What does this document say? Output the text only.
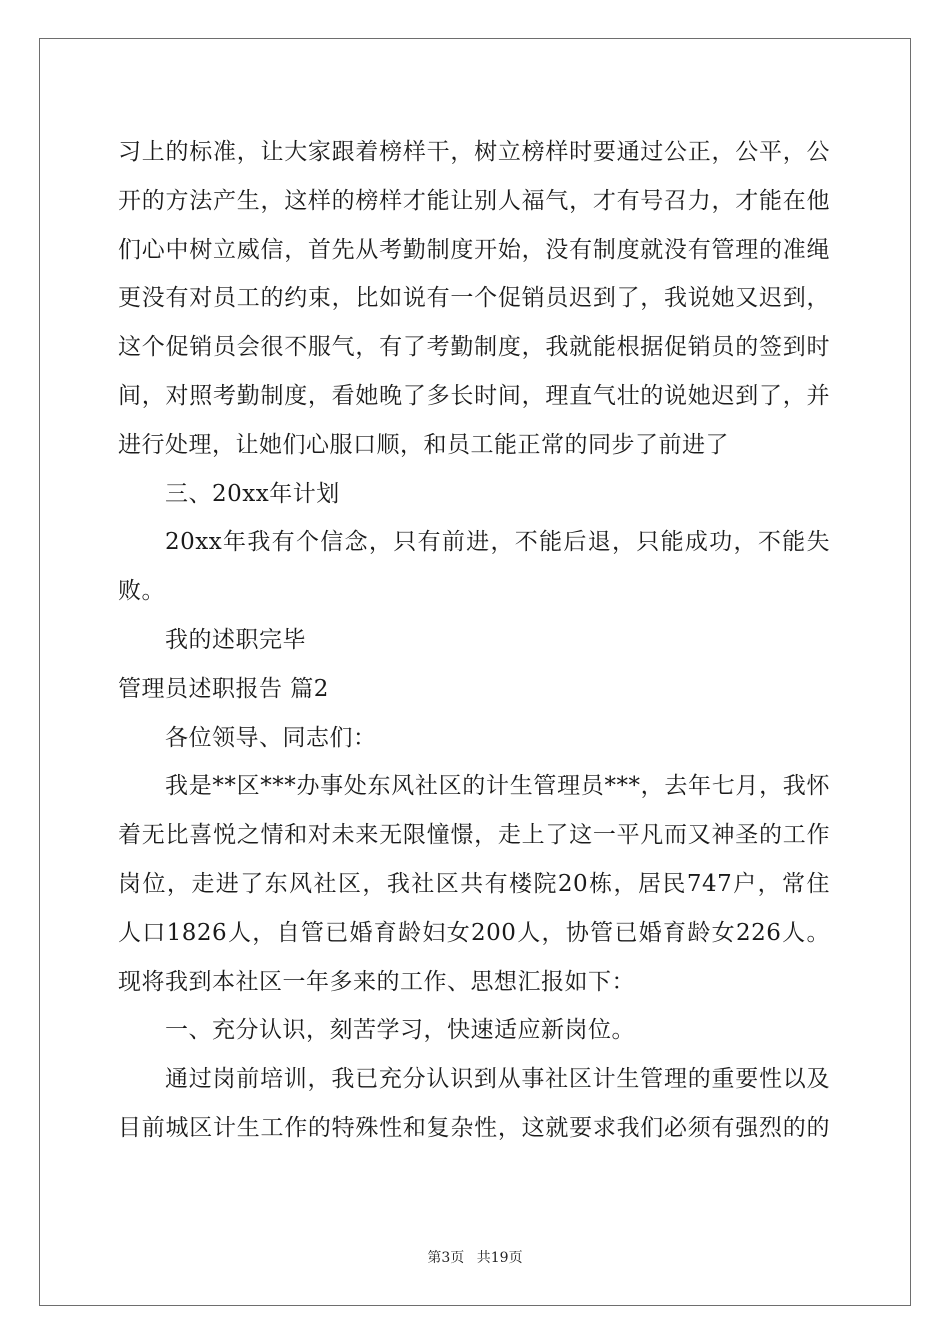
习上的标准，让大家跟着榜样干，树立榜样时要通过公正，公平，公
开的方法产生，这样的榜样才能让别人福气，才有号召力，才能在他
们心中树立威信，首先从考勤制度开始，没有制度就没有管理的准绳
更没有对员工的约束，比如说有一个促销员迟到了，我说她又迟到，
这个促销员会很不服气，有了考勤制度，我就能根据促销员的签到时
间，对照考勤制度，看她晚了多长时间，理直气壮的说她迟到了，并
进行处理，让她们心服口顺，和员工能正常的同步了前进了
三、20xx年计划
20xx年我有个信念，只有前进，不能后退，只能成功，不能失
败。
我的述职完毕
管理员述职报告 篇2
各位领导、同志们：
我是**区***办事处东风社区的计生管理员***，去年七月，我怀
着无比喜悦之情和对未来无限憧憬，走上了这一平凡而又神圣的工作
岗位，走进了东风社区，我社区共有楼院20栋，居民747户，常住
人口1826人，自管已婚育龄妇女200人，协管已婚育龄女226人。
现将我到本社区一年多来的工作、思想汇报如下：
一、充分认识，刻苦学习，快速适应新岗位。
通过岗前培训，我已充分认识到从事社区计生管理的重要性以及
目前城区计生工作的特殊性和复杂性，这就要求我们必须有强烈的的
第3页 共19页
